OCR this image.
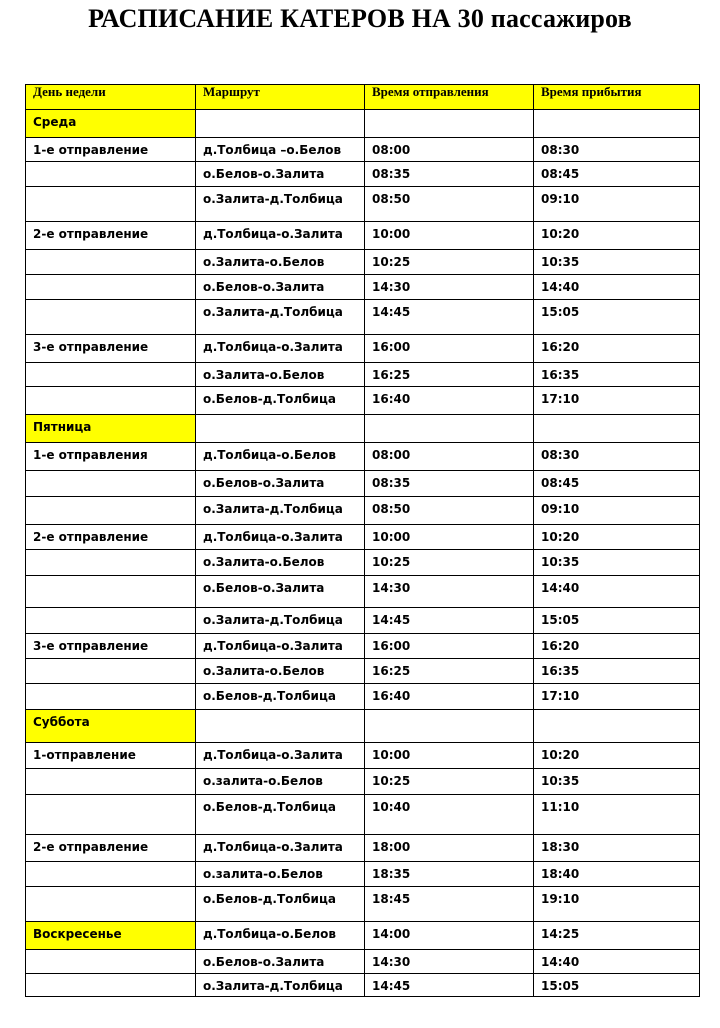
РАСПИСАНИЕ КАТЕРОВ НА 30 пассажиров
День недели	Маршрут	Время отправления	Время прибытия

Среда			

1-е отправление	д.Толбица –о.Белов	08:00	08:30

	о.Белов-о.Залита	08:35	08:45

	о.Залита-д.Толбица	08:50	09:10

2-е отправление	д.Толбица-о.Залита	10:00	10:20

	о.Залита-о.Белов	10:25	10:35

	о.Белов-о.Залита	14:30	14:40

	о.Залита-д.Толбица	14:45	15:05

3-е отправление	д.Толбица-о.Залита	16:00	16:20

	о.Залита-о.Белов	16:25	16:35

	о.Белов-д.Толбица	16:40	17:10

Пятница			

1-е отправления	д.Толбица-о.Белов	08:00	08:30

	о.Белов-о.Залита	08:35	08:45

	о.Залита-д.Толбица	08:50	09:10

2-е отправление	д.Толбица-о.Залита	10:00	10:20

	о.Залита-о.Белов	10:25	10:35

	о.Белов-о.Залита	14:30	14:40

	о.Залита-д.Толбица	14:45	15:05

3-е отправление	д.Толбица-о.Залита	16:00	16:20

	о.Залита-о.Белов	16:25	16:35

	о.Белов-д.Толбица	16:40	17:10

Суббота			

1-отправление	д.Толбица-о.Залита	10:00	10:20

	о.залита-о.Белов	10:25	10:35

	о.Белов-д.Толбица	10:40	11:10

2-е отправление	д.Толбица-о.Залита	18:00	18:30

	о.залита-о.Белов	18:35	18:40

	о.Белов-д.Толбица	18:45	19:10

Воскресенье	д.Толбица-о.Белов	14:00	14:25

	о.Белов-о.Залита	14:30	14:40

	о.Залита-д.Толбица	14:45	15:05
